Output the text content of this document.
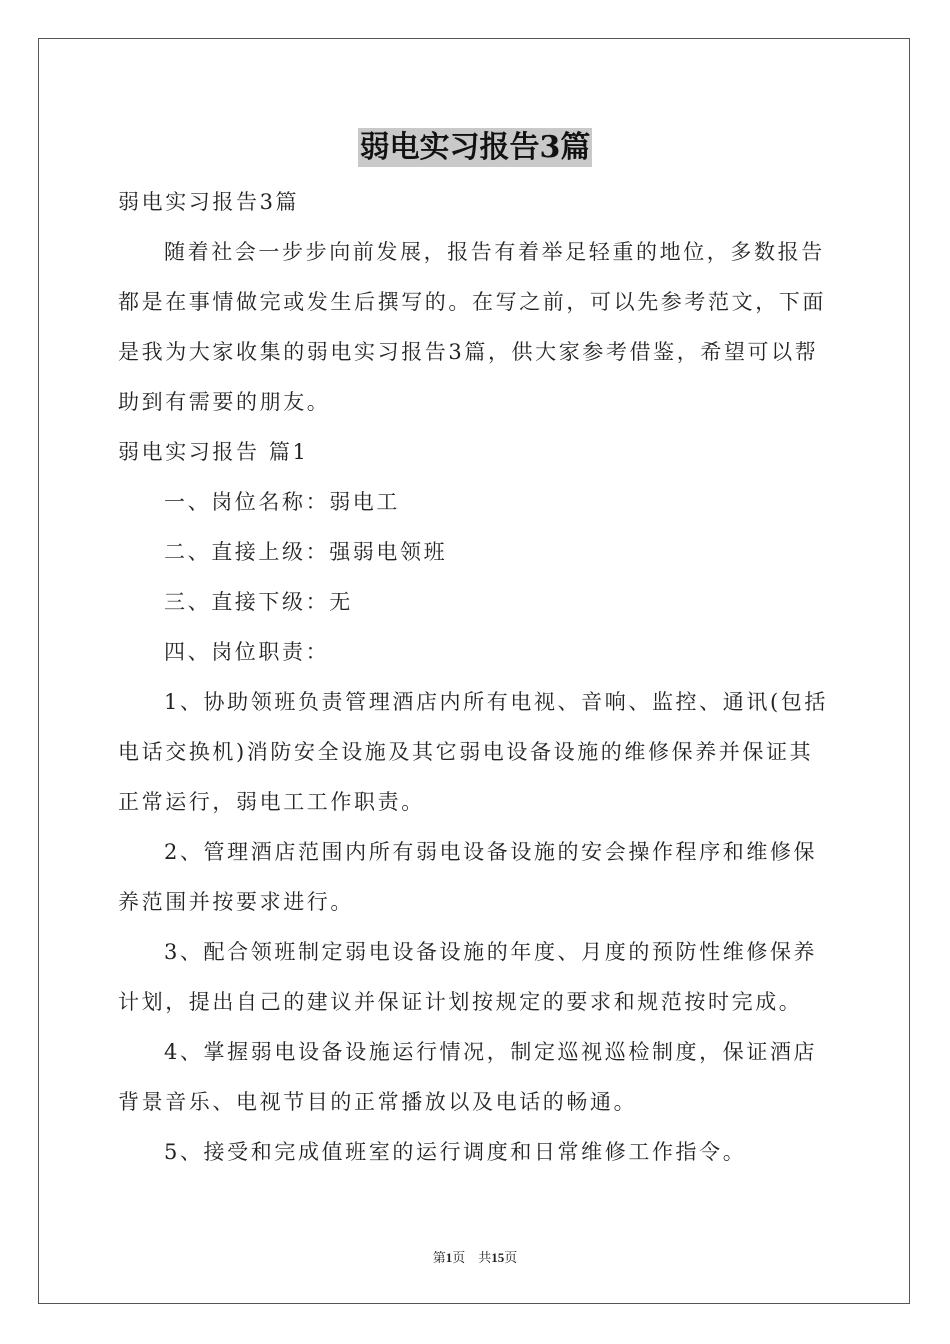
弱电实习报告3篇
弱电实习报告3篇
随着社会一步步向前发展，报告有着举足轻重的地位，多数报告
都是在事情做完或发生后撰写的。在写之前，可以先参考范文，下面
是我为大家收集的弱电实习报告3篇，供大家参考借鉴，希望可以帮
助到有需要的朋友。
弱电实习报告 篇1
一、岗位名称：弱电工
二、直接上级：强弱电领班
三、直接下级：无
四、岗位职责：
1、协助领班负责管理酒店内所有电视、音响、监控、通讯(包括
电话交换机)消防安全设施及其它弱电设备设施的维修保养并保证其
正常运行，弱电工工作职责。
2、管理酒店范围内所有弱电设备设施的安会操作程序和维修保
养范围并按要求进行。
3、配合领班制定弱电设备设施的年度、月度的预防性维修保养
计划，提出自己的建议并保证计划按规定的要求和规范按时完成。
4、掌握弱电设备设施运行情况，制定巡视巡检制度，保证酒店
背景音乐、电视节目的正常播放以及电话的畅通。
5、接受和完成值班室的运行调度和日常维修工作指令。
第1页　共15页
